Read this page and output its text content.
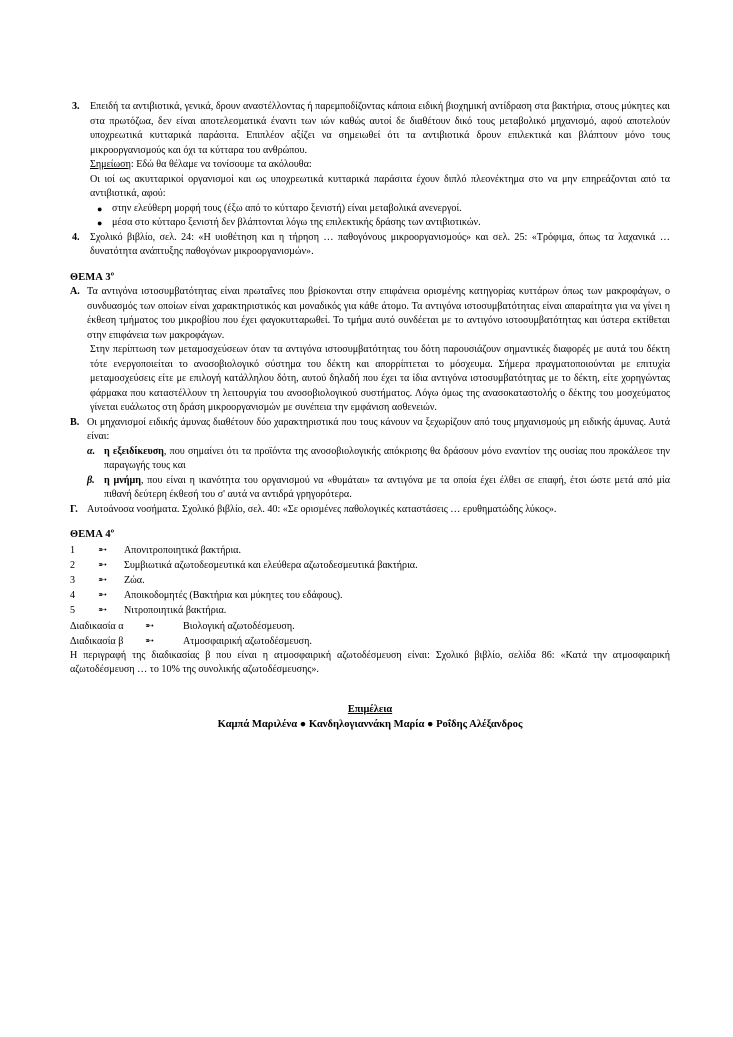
3.	Επειδή τα αντιβιοτικά, γενικά, δρουν αναστέλλοντας ή παρεμποδίζοντας κάποια ειδική βιοχημική αντίδραση στα βακτήρια, στους μύκητες και στα πρωτόζωα, δεν είναι αποτελεσματικά έναντι των ιών καθώς αυτοί δε διαθέτουν δικό τους μεταβολικό μηχανισμό, αφού αποτελούν υποχρεωτικά κυτταρικά παράσιτα. Επιπλέον αξίζει να σημειωθεί ότι τα αντιβιοτικά δρουν επιλεκτικά και βλάπτουν μόνο τους μικροοργανισμούς και όχι τα κύτταρα του ανθρώπου.
Σημείωση: Εδώ θα θέλαμε να τονίσουμε τα ακόλουθα:
Οι ιοί ως ακυτταρικοί οργανισμοί και ως υποχρεωτικά κυτταρικά παράσιτα έχουν διπλό πλεονέκτημα στο να μην επηρεάζονται από τα αντιβιοτικά, αφού:
● στην ελεύθερη μορφή τους (έξω από το κύτταρο ξενιστή) είναι μεταβολικά ανενεργοί.
● μέσα στο κύτταρο ξενιστή δεν βλάπτονται λόγω της επιλεκτικής δράσης των αντιβιοτικών.
4.	Σχολικό βιβλίο, σελ. 24: «Η υιοθέτηση και η τήρηση … παθογόνους μικροοργανισμούς» και σελ. 25: «Τρόφιμα, όπως τα λαχανικά … δυνατότητα ανάπτυξης παθογόνων μικροοργανισμών».
ΘΕΜΑ $3^o$
A. Τα αντιγόνα ιστοσυμβατότητας είναι πρωταΐνες που βρίσκονται στην επιφάνεια ορισμένης κατηγορίας κυττάρων όπως των μακροφάγων, ο συνδυασμός των οποίων είναι χαρακτηριστικός και μοναδικός για κάθε άτομο. Τα αντιγόνα ιστοσυμβατότητας είναι απαραίτητα για να γίνει η έκθεση τμήματος του μικροβίου που έχει φαγοκυτταρωθεί. Το τμήμα αυτό συνδέεται με το αντιγόνο ιστοσυμβατότητας και ύστερα εκτίθεται στην επιφάνεια των μακροφάγων.
Στην περίπτωση των μεταμοσχεύσεων όταν τα αντιγόνα ιστοσυμβατότητας του δότη παρουσιάζουν σημαντικές διαφορές με αυτά του δέκτη τότε ενεργοποιείται το ανοσοβιολογικό σύστημα του δέκτη και απορρίπτεται το μόσχευμα. Σήμερα πραγματοποιούνται με επιτυχία μεταμοσχεύσεις είτε με επιλογή κατάλληλου δότη, αυτού δηλαδή που έχει τα ίδια αντιγόνα ιστοσυμβατότητας με το δέκτη, είτε χορηγώντας φάρμακα που καταστέλλουν τη λειτουργία του ανοσοβιολογικού συστήματος. Λόγω όμως της ανασοκαταστολής ο δέκτης του μοσχεύματος γίνεται ευάλωτος στη δράση μικροοργανισμών με συνέπεια την εμφάνιση ασθενειών.
B. Οι μηχανισμοί ειδικής άμυνας διαθέτουν δύο χαρακτηριστικά που τους κάνουν να ξεχωρίζουν από τους μηχανισμούς μη ειδικής άμυνας. Αυτά είναι:
α. η εξειδίκευση, που σημαίνει ότι τα προϊόντα της ανοσοβιολογικής απόκρισης θα δράσουν μόνο εναντίον της ουσίας που προκάλεσε την παραγωγής τους και
β. η μνήμη, που είναι η ικανότητα του οργανισμού να «θυμάται» τα αντιγόνα με τα οποία έχει έλθει σε επαφή, έτσι ώστε μετά από μία πιθανή δεύτερη έκθεσή του σ' αυτά να αντιδρά γρηγορότερα.
Γ. Αυτοάνοσα νοσήματα. Σχολικό βιβλίο, σελ. 40: «Σε ορισμένες παθολογικές καταστάσεις … ερυθηματώδης λύκος».
ΘΕΜΑ $4^o$
1	➵	Απονιτροποιητικά βακτήρια.
2	➵	Συμβιωτικά αζωτοδεσμευτικά και ελεύθερα αζωτοδεσμευτικά βακτήρια.
3	➵	Ζώα.
4	➵	Αποικοδομητές (Βακτήρια και μύκητες του εδάφους).
5	➵	Νιτροποιητικά βακτήρια.
Διαδικασία α	➵	Βιολογική αζωτοδέσμευση.
Διαδικασία β	➵	Ατμοσφαιρική αζωτοδέσμευση.
Η περιγραφή της διαδικασίας β που είναι η ατμοσφαιρική αζωτοδέσμευση είναι: Σχολικό βιβλίο, σελίδα 86: «Κατά την ατμοσφαιρική αζωτοδέσμευση … το 10% της συνολικής αζωτοδέσμευσης».
Επιμέλεια
Καμπά Μαριλένα ● Κανδηλογιαννάκη Μαρία ● Ροΐδης Αλέξανδρος
